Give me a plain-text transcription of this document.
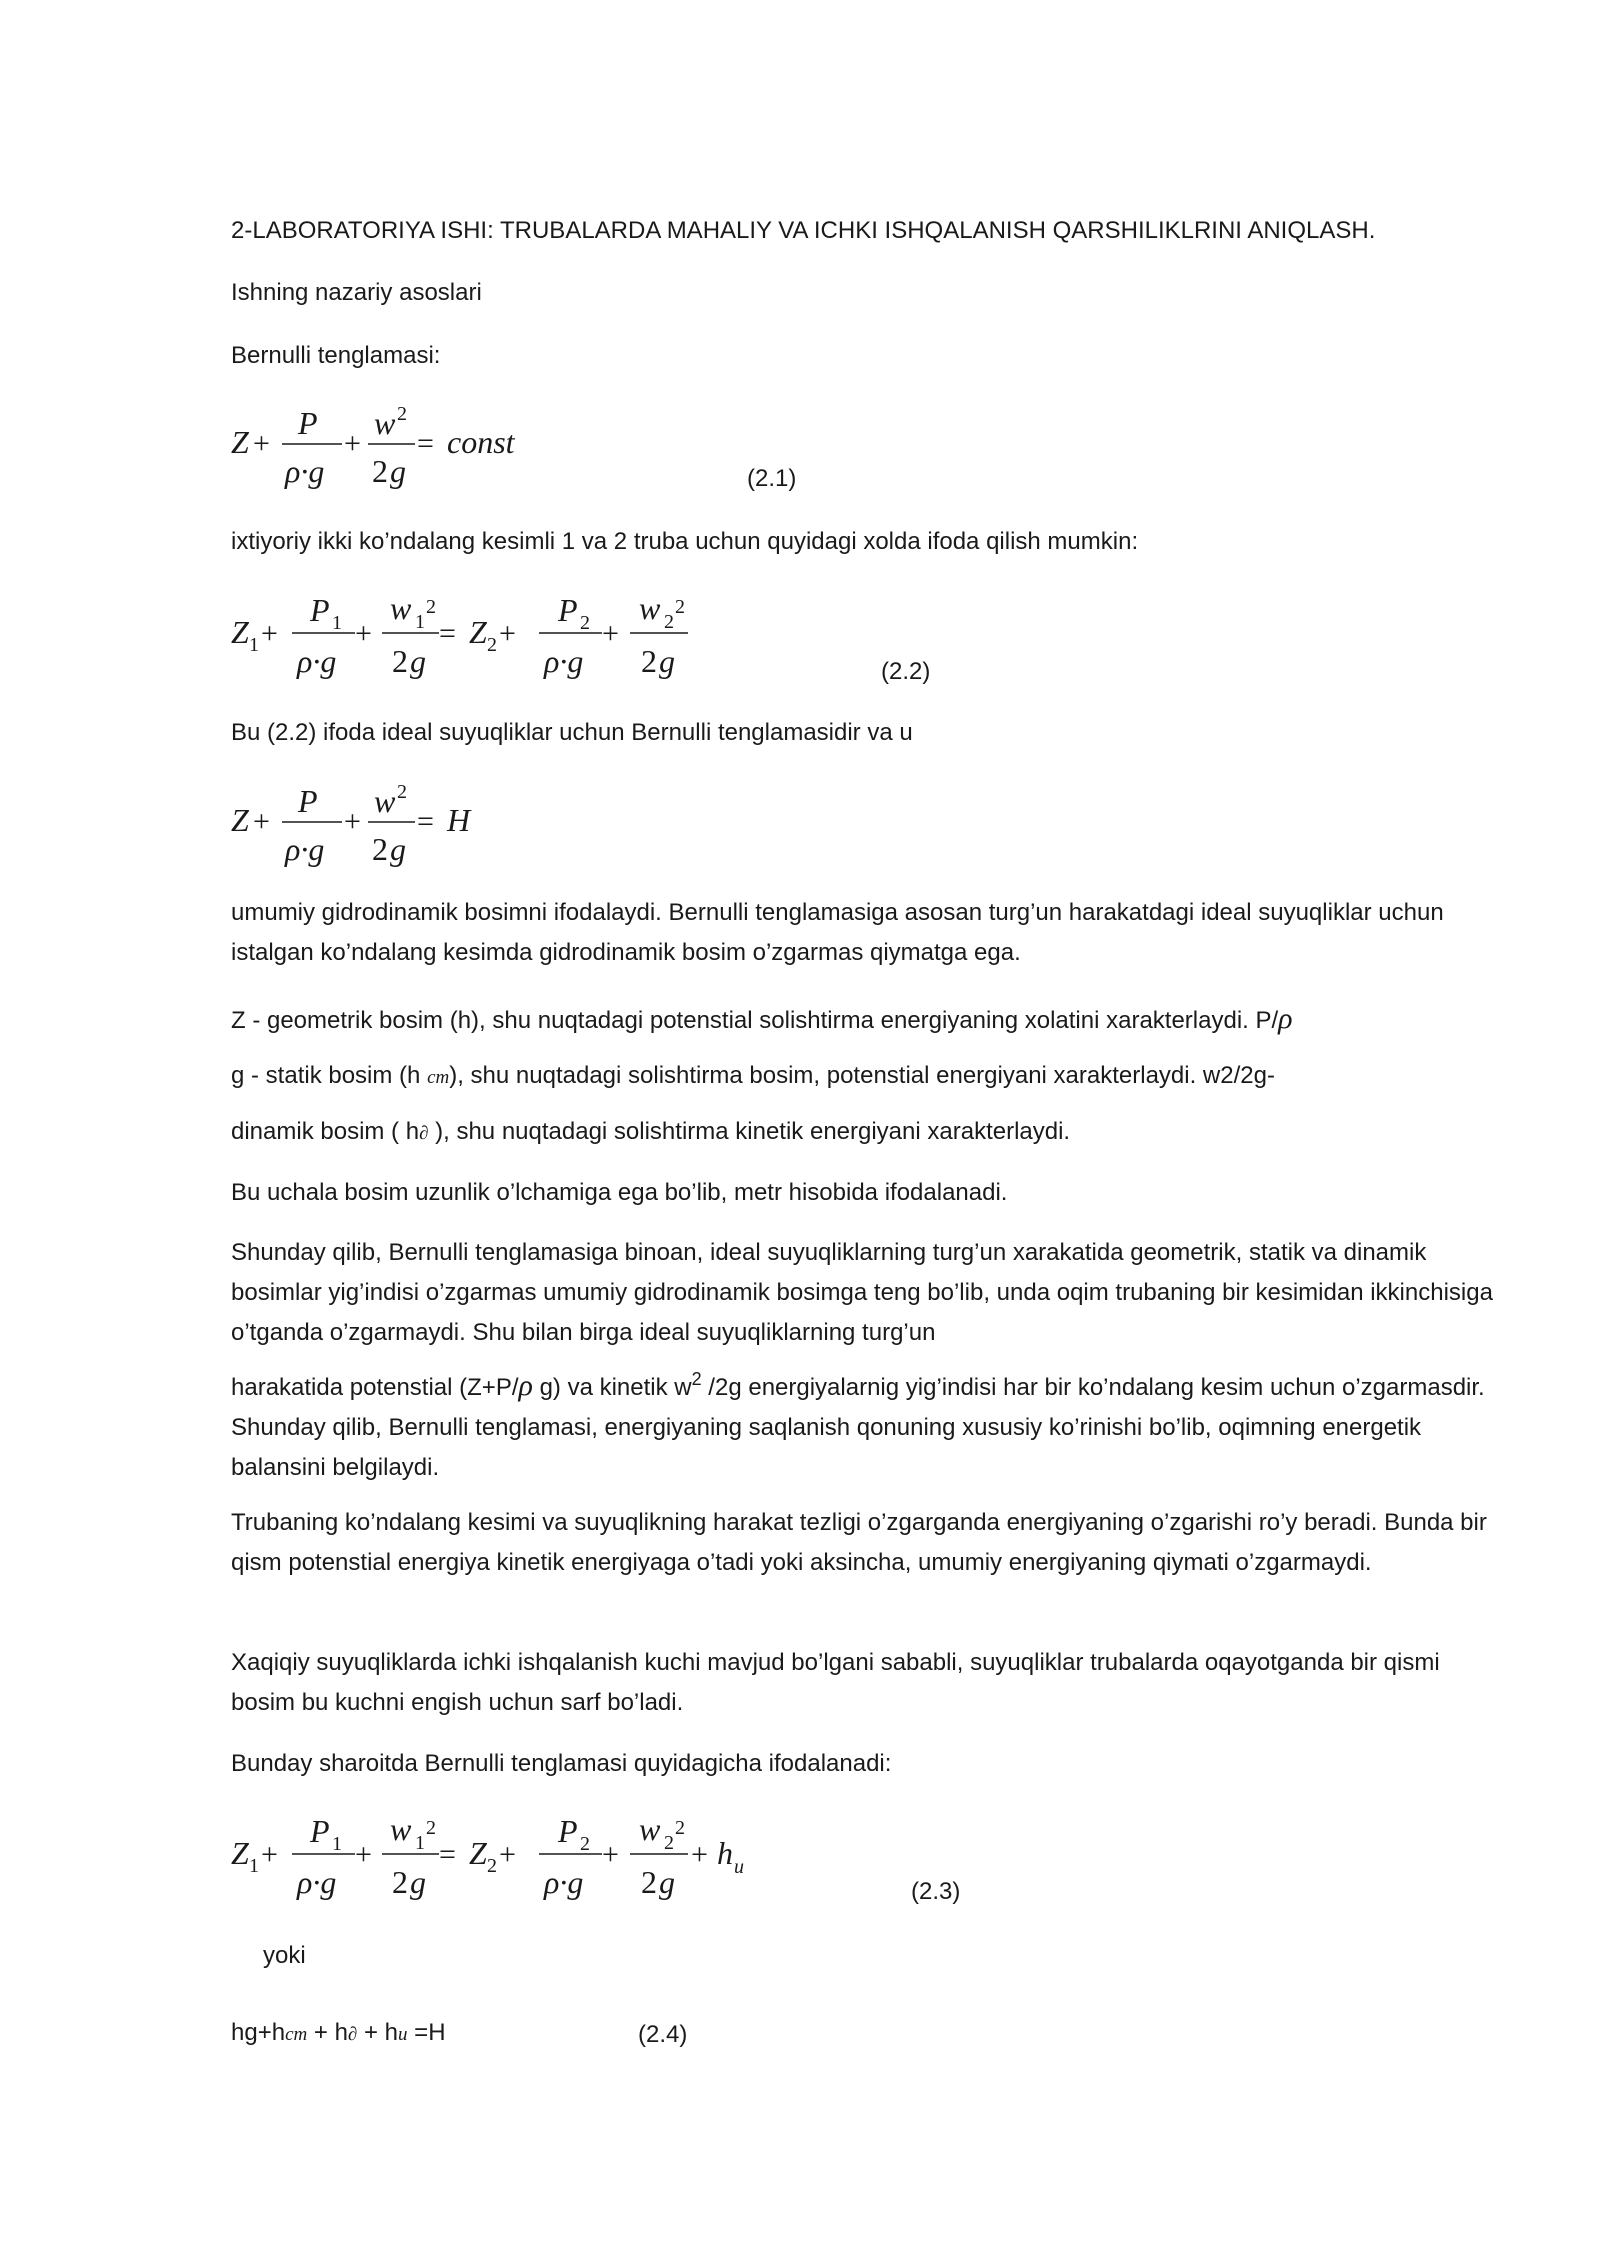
2-LABORATORIYA ISHI: TRUBALARDA MAHALIY VA ICHKI ISHQALANISH QARSHILIKLRINI ANIQLASH.
Ishning nazariy asoslari
Bernulli tenglamasi:
Z +
P
ρ·g
+
w 2
2 g
= const
(2.1)
ixtiyoriy ikki ko’ndalang kesimli 1 va 2 truba uchun quyidagi xolda ifoda qilish mumkin:
Z 1 +
P 1
ρ·g
+
w 1
2
2 g
= Z 2 +
P 2
ρ·g
+
w 2
2
2 g	(2.2)
Bu (2.2) ifoda ideal suyuqliklar uchun Bernulli tenglamasidir va u
Z +
P
ρ·g
+
w 2
2 g
= H
umumiy gidrodinamik bosimni ifodalaydi. Bernulli tenglamasiga asosan turg’un harakatdagi ideal suyuqliklar uchun istalgan ko’ndalang kesimda gidrodinamik bosim o’zgarmas qiymatga ega.
Z - geometrik bosim (h), shu nuqtadagi potenstial solishtirma energiyaning xolatini xarakterlaydi. P/ρ
g - statik bosim (h cm), shu nuqtadagi solishtirma bosim, potenstial energiyani xarakterlaydi. w2/2g-
dinamik bosim ( h∂ ), shu nuqtadagi solishtirma kinetik energiyani xarakterlaydi.
Bu uchala bosim uzunlik o’lchamiga ega bo’lib, metr hisobida ifodalanadi.
Shunday qilib, Bernulli tenglamasiga binoan, ideal suyuqliklarning turg’un xarakatida geometrik, statik va dinamik bosimlar yig’indisi o’zgarmas umumiy gidrodinamik bosimga teng bo’lib, unda oqim trubaning bir kesimidan ikkinchisiga o’tganda o’zgarmaydi. Shu bilan birga ideal suyuqliklarning turg’un
harakatida potenstial (Z+P/ρ g) va kinetik $w^2$ /2g energiyalarnig yig’indisi har bir ko’ndalang kesim uchun o’zgarmasdir. Shunday qilib, Bernulli tenglamasi, energiyaning saqlanish qonuning xususiy ko’rinishi bo’lib, oqimning energetik balansini belgilaydi.
Trubaning ko’ndalang kesimi va suyuqlikning harakat tezligi o’zgarganda energiyaning o’zgarishi ro’y beradi. Bunda bir qism potenstial energiya kinetik energiyaga o’tadi yoki aksincha, umumiy energiyaning qiymati o’zgarmaydi.
Xaqiqiy suyuqliklarda ichki ishqalanish kuchi mavjud bo’lgani sababli, suyuqliklar trubalarda oqayotganda bir qismi bosim bu kuchni engish uchun sarf bo’ladi.
Bunday sharoitda Bernulli tenglamasi quyidagicha ifodalanadi:
Z 1 +
P 1
ρ·g
+
w 1
2
2 g
= Z 2 +
P 2
ρ·g
+
w 2
2
2 g
+ h u
(2.3)
yoki
hg+hcm + h∂ + hu =H	(2.4)
